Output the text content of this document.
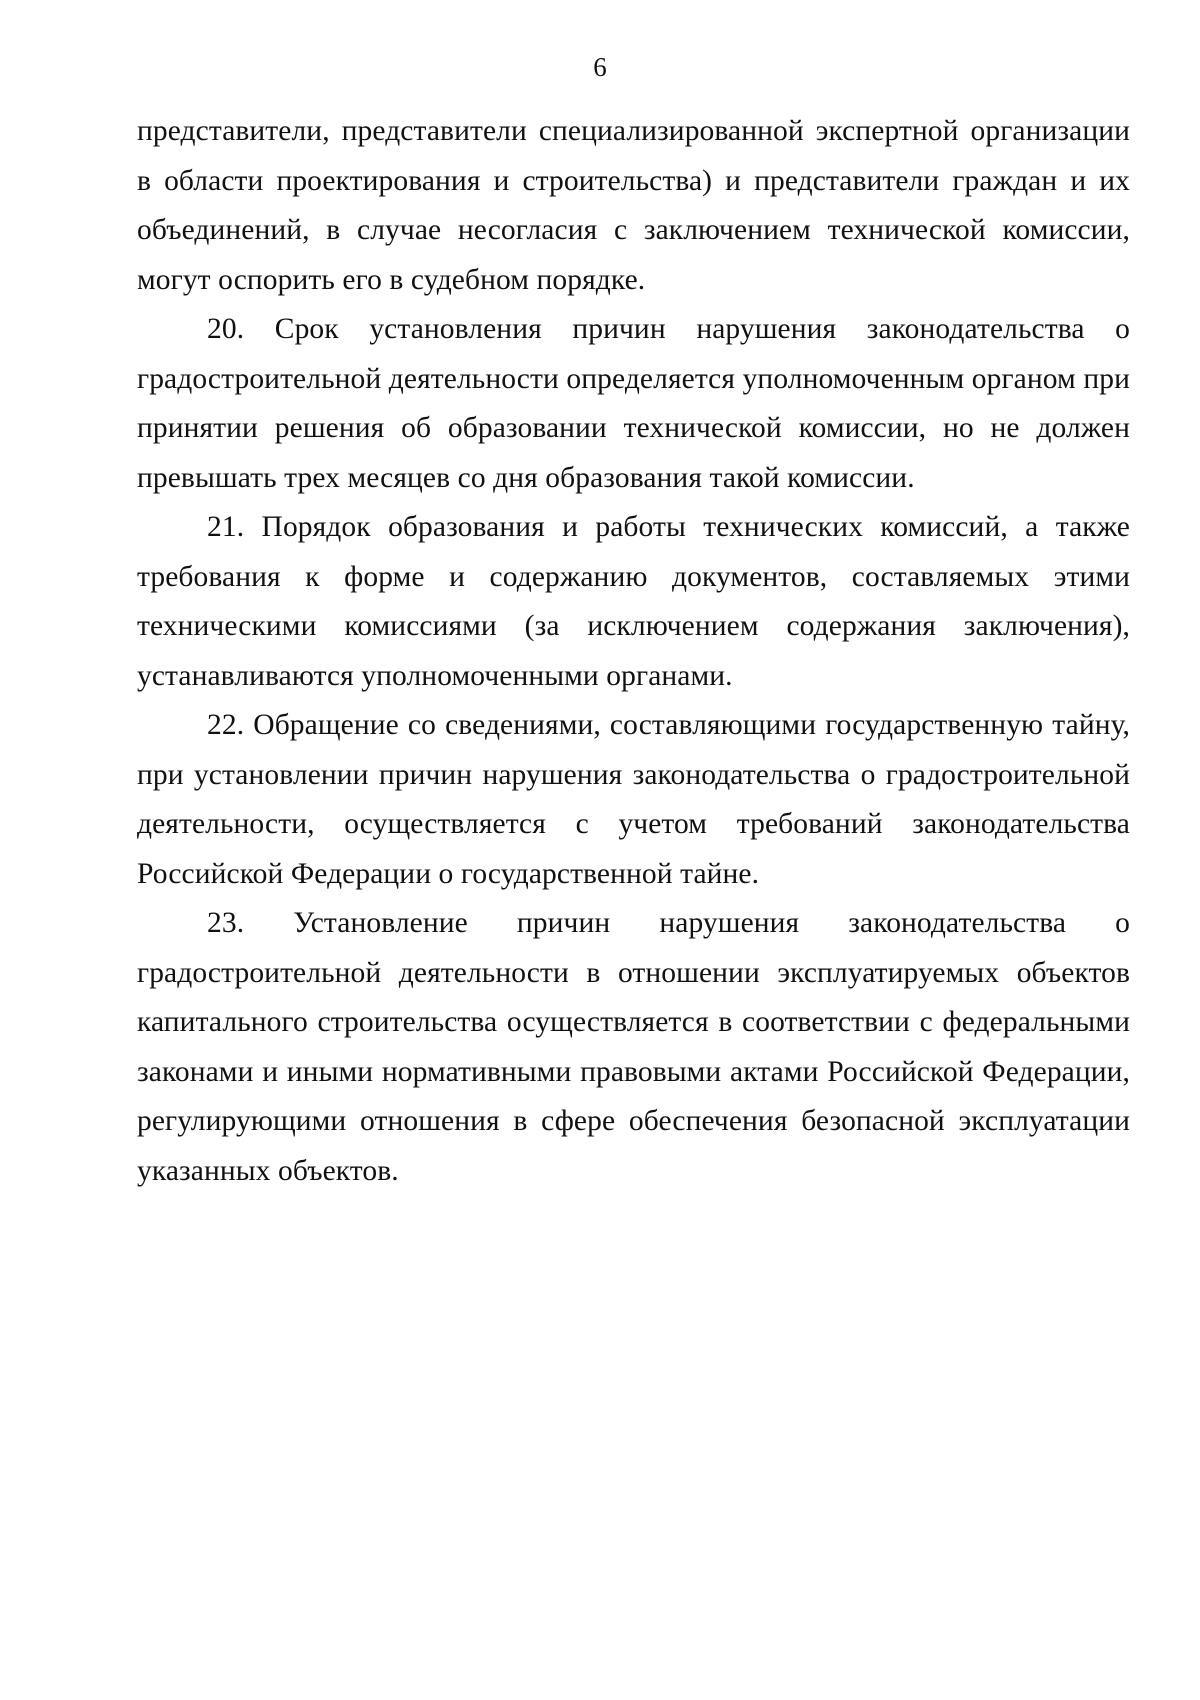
6

представители, представители специализированной экспертной организации в области проектирования и строительства) и представители граждан и их объединений, в случае несогласия с заключением технической комиссии, могут оспорить его в судебном порядке.

20. Срок установления причин нарушения законодательства о градостроительной деятельности определяется уполномоченным органом при принятии решения об образовании технической комиссии, но не должен превышать трех месяцев со дня образования такой комиссии.

21. Порядок образования и работы технических комиссий, а также требования к форме и содержанию документов, составляемых этими техническими комиссиями (за исключением содержания заключения), устанавливаются уполномоченными органами.

22. Обращение со сведениями, составляющими государственную тайну, при установлении причин нарушения законодательства о градостроительной деятельности, осуществляется с учетом требований законодательства Российской Федерации о государственной тайне.

23. Установление причин нарушения законодательства о градостроительной деятельности в отношении эксплуатируемых объектов капитального строительства осуществляется в соответствии с федеральными законами и иными нормативными правовыми актами Российской Федерации, регулирующими отношения в сфере обеспечения безопасной эксплуатации указанных объектов.
